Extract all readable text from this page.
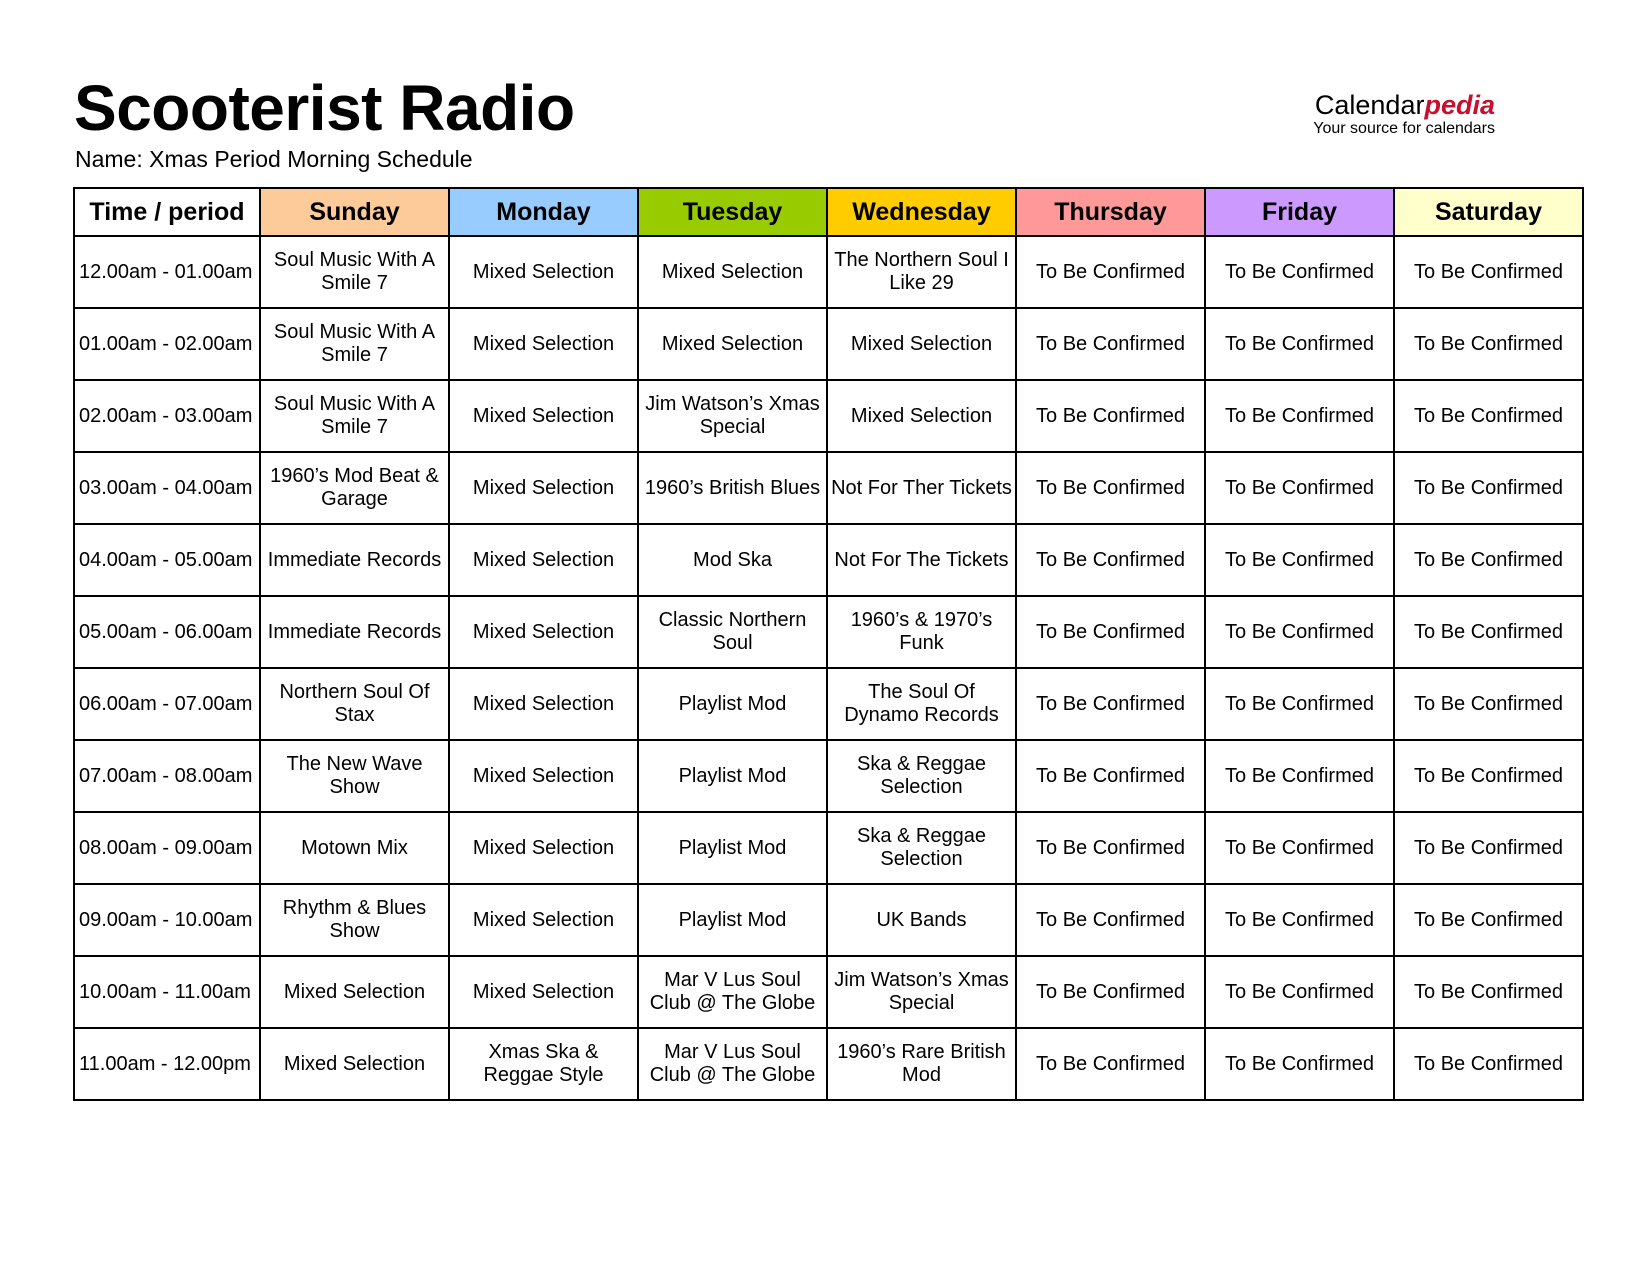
Scooterist Radio
Name: Xmas Period Morning Schedule
Calendarpedia
Your source for calendars
Time / period	Sunday	Monday	Tuesday	Wednesday	Thursday	Friday	Saturday
12.00am - 01.00am	Soul Music With A Smile 7	Mixed Selection	Mixed Selection	The Northern Soul I Like 29	To Be Confirmed	To Be Confirmed	To Be Confirmed
01.00am - 02.00am	Soul Music With A Smile 7	Mixed Selection	Mixed Selection	Mixed Selection	To Be Confirmed	To Be Confirmed	To Be Confirmed
02.00am - 03.00am	Soul Music With A Smile 7	Mixed Selection	Jim Watson’s Xmas Special	Mixed Selection	To Be Confirmed	To Be Confirmed	To Be Confirmed
03.00am - 04.00am	1960’s Mod Beat & Garage	Mixed Selection	1960’s British Blues	Not For Ther Tickets	To Be Confirmed	To Be Confirmed	To Be Confirmed
04.00am - 05.00am	Immediate Records	Mixed Selection	Mod Ska	Not For The Tickets	To Be Confirmed	To Be Confirmed	To Be Confirmed
05.00am - 06.00am	Immediate Records	Mixed Selection	Classic Northern Soul	1960’s & 1970’s Funk	To Be Confirmed	To Be Confirmed	To Be Confirmed
06.00am - 07.00am	Northern Soul Of Stax	Mixed Selection	Playlist Mod	The Soul Of Dynamo Records	To Be Confirmed	To Be Confirmed	To Be Confirmed
07.00am - 08.00am	The New Wave Show	Mixed Selection	Playlist Mod	Ska & Reggae Selection	To Be Confirmed	To Be Confirmed	To Be Confirmed
08.00am - 09.00am	Motown Mix	Mixed Selection	Playlist Mod	Ska & Reggae Selection	To Be Confirmed	To Be Confirmed	To Be Confirmed
09.00am - 10.00am	Rhythm & Blues Show	Mixed Selection	Playlist Mod	UK Bands	To Be Confirmed	To Be Confirmed	To Be Confirmed
10.00am - 11.00am	Mixed Selection	Mixed Selection	Mar V Lus Soul Club @ The Globe	Jim Watson’s Xmas Special	To Be Confirmed	To Be Confirmed	To Be Confirmed
11.00am - 12.00pm	Mixed Selection	Xmas Ska & Reggae Style	Mar V Lus Soul Club @ The Globe	1960’s Rare British Mod	To Be Confirmed	To Be Confirmed	To Be Confirmed
